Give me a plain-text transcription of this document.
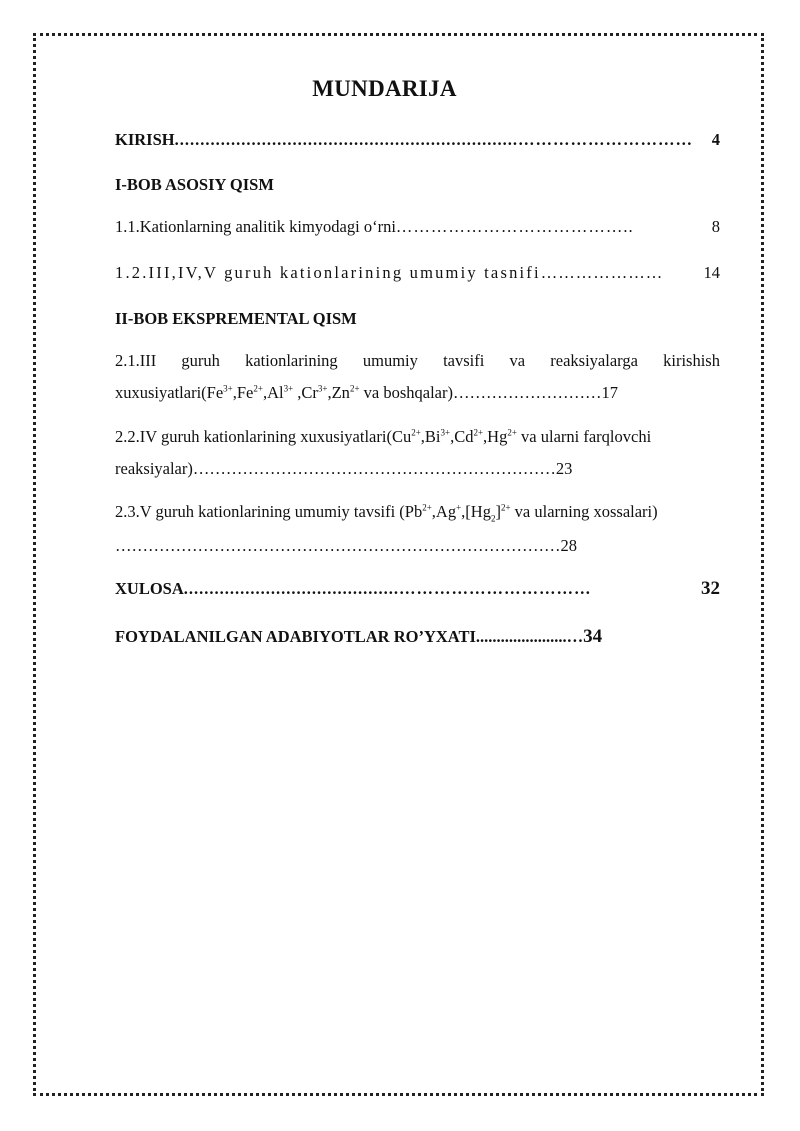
MUNDARIJA
KIRISH ...................................................................…………………………	4
I-BOB ASOSIY QISM
1.1.Kationlarning analitik kimyodagi o‘rni …………………………………..	8
1.2.III,IV,V guruh kationlarining umumiy tasnifi …………………	14
II-BOB EKSPREMENTAL QISM
2.1.III guruh kationlarining umumiy tavsifi va reaksiyalarga kirishish
$xuxusiyatlari(Fe^{3+},Fe^{2+},Al^{3+}$ $,Cr^{3+},Zn^{2+}$ va boshqalar)………………………17
2.2.IV guruh kationlarining $xuxusiyatlari(Cu^{2+},Bi^{3+},Cd^{2+},Hg^{2+}$ va ularni farqlovchi
reaksiyalar)…………………………………………………………23
2.3.V guruh kationlarining umumiy tavsifi ($Pb^{2+},Ag^+,[Hg_2]^{2+}$ va ularning xossalari)
………………………………………………………………………28
XULOSA ..........................................……………………………	32
FOYDALANILGAN ADABIYOTLAR RO’YXATI......................…34
